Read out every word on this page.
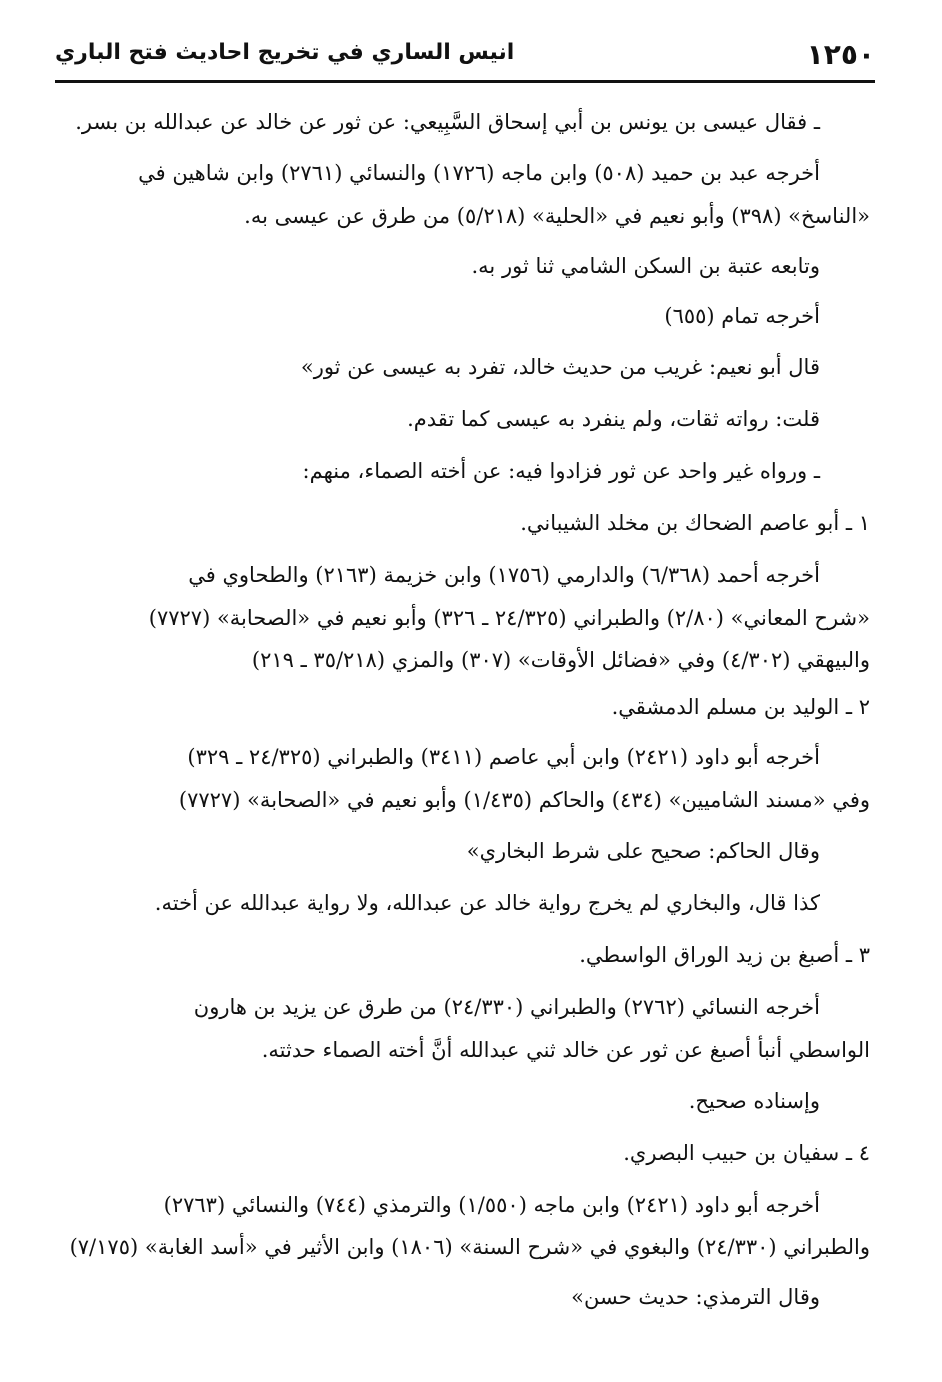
١٢٥٠
انيس الساري في تخريج احاديث فتح الباري
ـ فقال عيسى بن يونس بن أبي إسحاق السَّبِيعي: عن ثور عن خالد عن عبدالله بن بسر.
أخرجه عبد بن حميد (٥٠٨) وابن ماجه (١٧٢٦) والنسائي (٢٧٦١) وابن شاهين في
«الناسخ» (٣٩٨) وأبو نعيم في «الحلية» (٥/٢١٨) من طرق عن عيسى به.
وتابعه عتبة بن السكن الشامي ثنا ثور به.
أخرجه تمام (٦٥٥)
قال أبو نعيم: غريب من حديث خالد، تفرد به عيسى عن ثور»
قلت: رواته ثقات، ولم ينفرد به عيسى كما تقدم.
ـ ورواه غير واحد عن ثور فزادوا فيه: عن أخته الصماء، منهم:
١ ـ أبو عاصم الضحاك بن مخلد الشيباني.
أخرجه أحمد (٦/٣٦٨) والدارمي (١٧٥٦) وابن خزيمة (٢١٦٣) والطحاوي في
«شرح المعاني» (٢/٨٠) والطبراني (٢٤/٣٢٥ ـ ٣٢٦) وأبو نعيم في «الصحابة» (٧٧٢٧)
والبيهقي (٤/٣٠٢) وفي «فضائل الأوقات» (٣٠٧) والمزي (٣٥/٢١٨ ـ ٢١٩)
٢ ـ الوليد بن مسلم الدمشقي.
أخرجه أبو داود (٢٤٢١) وابن أبي عاصم (٣٤١١) والطبراني (٢٤/٣٢٥ ـ ٣٢٩)
وفي «مسند الشاميين» (٤٣٤) والحاكم (١/٤٣٥) وأبو نعيم في «الصحابة» (٧٧٢٧)
وقال الحاكم: صحيح على شرط البخاري»
كذا قال، والبخاري لم يخرج رواية خالد عن عبدالله، ولا رواية عبدالله عن أخته.
٣ ـ أصبغ بن زيد الوراق الواسطي.
أخرجه النسائي (٢٧٦٢) والطبراني (٢٤/٣٣٠) من طرق عن يزيد بن هارون
الواسطي أنبأ أصبغ عن ثور عن خالد ثني عبدالله أنَّ أخته الصماء حدثته.
وإسناده صحيح.
٤ ـ سفيان بن حبيب البصري.
أخرجه أبو داود (٢٤٢١) وابن ماجه (١/٥٥٠) والترمذي (٧٤٤) والنسائي (٢٧٦٣)
والطبراني (٢٤/٣٣٠) والبغوي في «شرح السنة» (١٨٠٦) وابن الأثير في «أسد الغابة» (٧/١٧٥)
وقال الترمذي: حديث حسن»
